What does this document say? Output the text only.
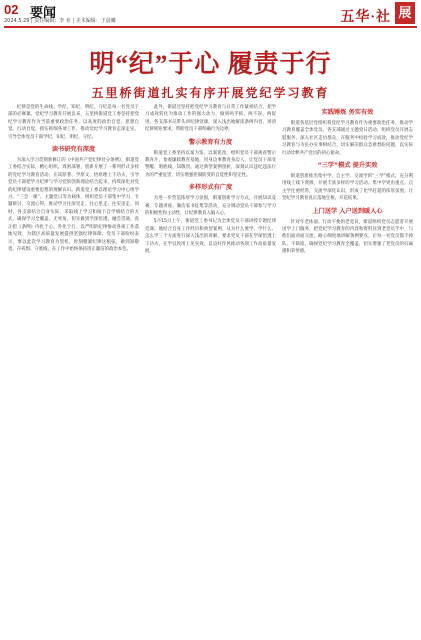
02 要闻
2024.5.29 | 责任编辑：李 亚 | 美术编辑：王晨曦	五华·社 展
明“纪”于心 履责于行
五里桥街道扎实有序开展党纪学习教育

纪律是党的生命线。学纪、知纪、明纪、守纪是每一名党员干部的必修课。党纪学习教育开展以来，五里桥街道党工委坚持把党纪学习教育作为当前重要政治任务，以高度的政治自觉、思想自觉、行动自觉，抓实抓细各项工作，推动党纪学习教育走深走实，引导全体党员干部学纪、知纪、明纪、守纪。

读书研究有深度

为深入学习贯彻新修订的《中国共产党纪律处分条例》，街道党工委结合实际，精心组织、周密部署，创新开展了一系列形式多样的党纪学习教育活动。在读原著、学原文、悟原理上下功夫，引导党员干部把学习纪律与学习党的创新理论结合起来，持续深化对党的纪律建设重要思想的理解认识。街道党工委以理论学习中心组学习、“三会一课”、主题党日等为载体，组织党员干部集中学习、专题研讨、交流心得，推动学习往深里走、往心里走、往实里走。同时，各支部结合自身实际，采取线上学习和线下自学相结合的方式，确保学习全覆盖、无死角，切实做到学深悟透、融会贯通，真正把《条例》内化于心、外化于行，以严明的纪律推动各项工作落地见效，为辖区高质量发展提供坚强纪律保障。党员干部纷纷表示，要以此次学习教育为契机，时刻绷紧纪律这根弦，做到知敬畏、存戒惧、守底线，在工作中始终保持清正廉洁的政治本色。

此外，街道还坚持把党纪学习教育与日常工作紧密结合，把学习成效转化为推动工作的强大动力，做到两手抓、两不误、两促进。各支部书记带头讲纪律党课，深入浅出地解读条例内容，讲清纪律规矩要求，帮助党员干部明确行为边界。

警示教育有力度

街道党工委坚持以案为鉴、以案促改，组织党员干部观看警示教育片、参观廉政教育基地，用身边事教育身边人，让党员干部受警醒、明底线、知敬畏。通过典型案例剖析，深刻认识违纪违法行为的严重危害，切实增强拒腐防变的自觉性和坚定性。

多样形式有广度

为进一步营造浓厚学习氛围，街道创新学习方式，开展知识竞赛、专题讲座、廉洁家书征集等活动，充分调动党员干部参与学习的积极性和主动性，让纪律教育入脑入心。

5月15日上午，街道党工委书记为全体党员干部讲授专题纪律党课。他结合自身工作经历和典型案例，从为什么要学、学什么、怎么学三个方面进行深入浅出的讲解，要求党员干部在学深悟透上下功夫，在学以致用上见实效，以良好作风推动各项工作高质量发展。

实践锤炼 务实有效

街道各基层党组织将党纪学习教育作为重要政治任务，推动学习教育覆盖全体党员。各支部通过主题党日活动，组织党员开展志愿服务，深入社区走访群众，在服务中检验学习成效，推动党纪学习教育与为民办实事相结合，切实解决群众急难愁盼问题，以实际行动诠释共产党员的初心使命。

“三学”模式 提升实效

街道创新推出集中学、自主学、交流学的“三学”模式，充分利用线上线下资源，开展丰富多样的学习活动。集中学突出重点，自主学注重经常，交流学深化认识，形成了比学赶超的浓厚氛围，让党纪学习教育真正落地生根、开花结果。

上门送学 入户送到暖人心

针对年老体弱、行动不便的老党员，街道组织党员志愿者开展送学上门服务，把党纪学习教育的内容和资料送到老党员手中，与他们面对面交流，耐心细致地讲解条例要点，让每一名党员都不掉队、不缺席，确保党纪学习教育全覆盖，切实增强了老党员的归属感和荣誉感。
